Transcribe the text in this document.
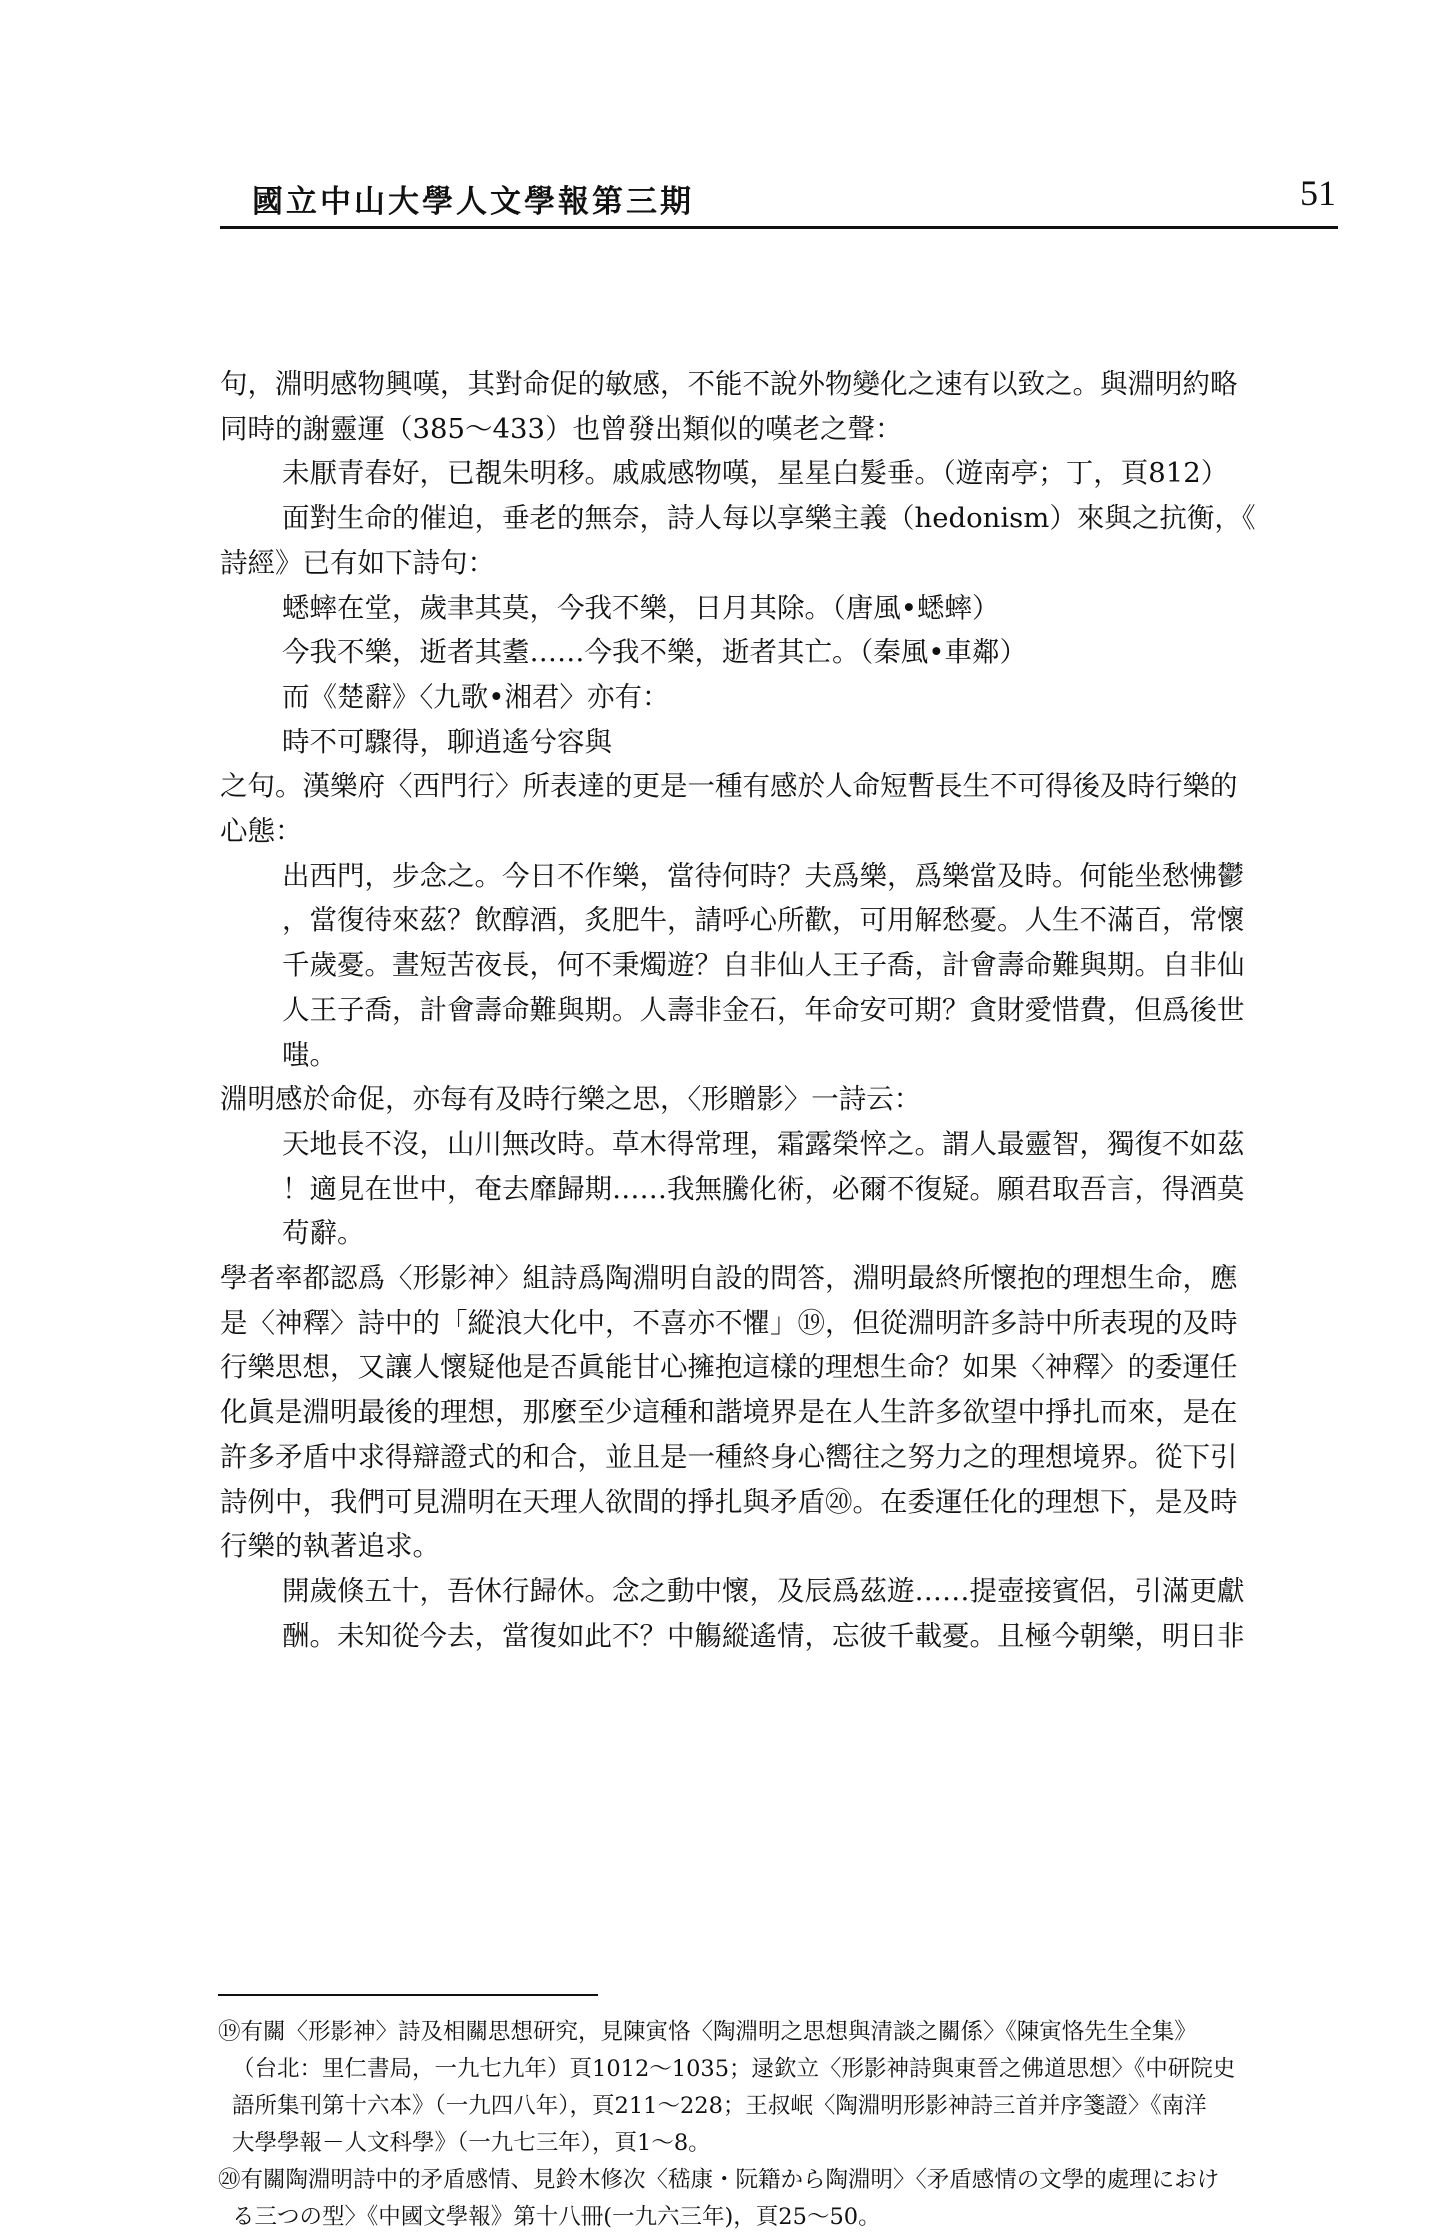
國立中山大學人文學報第三期	51

句，淵明感物興嘆，其對命促的敏感，不能不說外物變化之速有以致之。與淵明約略

同時的謝靈運（385～433）也曾發出類似的嘆老之聲：

未厭青春好，已覩朱明移。戚戚感物嘆，星星白髮垂。（遊南亭；丁，頁812）

面對生命的催迫，垂老的無奈，詩人每以享樂主義（hedonism）來與之抗衡，《

詩經》已有如下詩句：

蟋蟀在堂，歲聿其莫，今我不樂，日月其除。（唐風•蟋蟀）

今我不樂，逝者其耋……今我不樂，逝者其亡。（秦風•車鄰）

而《楚辭》〈九歌•湘君〉亦有：

時不可驟得，聊逍遙兮容與

之句。漢樂府〈西門行〉所表達的更是一種有感於人命短暫長生不可得後及時行樂的

心態：

出西門，步念之。今日不作樂，當待何時？夫爲樂，爲樂當及時。何能坐愁怫鬱

，當復待來茲？飲醇酒，炙肥牛，請呼心所歡，可用解愁憂。人生不滿百，常懷

千歲憂。晝短苦夜長，何不秉燭遊？自非仙人王子喬，計會壽命難與期。自非仙

人王子喬，計會壽命難與期。人壽非金石，年命安可期？貪財愛惜費，但爲後世

嗤。

淵明感於命促，亦每有及時行樂之思，〈形贈影〉一詩云：

天地長不沒，山川無改時。草木得常理，霜露榮悴之。謂人最靈智，獨復不如茲

！適見在世中，奄去靡歸期……我無騰化術，必爾不復疑。願君取吾言，得酒莫

苟辭。

學者率都認爲〈形影神〉組詩爲陶淵明自設的問答，淵明最終所懷抱的理想生命，應

是〈神釋〉詩中的「縱浪大化中，不喜亦不懼」⑲，但從淵明許多詩中所表現的及時

行樂思想，又讓人懷疑他是否眞能甘心擁抱這樣的理想生命？如果〈神釋〉的委運任

化眞是淵明最後的理想，那麼至少這種和諧境界是在人生許多欲望中掙扎而來，是在

許多矛盾中求得辯證式的和合，並且是一種終身心嚮往之努力之的理想境界。從下引

詩例中，我們可見淵明在天理人欲間的掙扎與矛盾⑳。在委運任化的理想下，是及時

行樂的執著追求。

開歲倏五十，吾休行歸休。念之動中懷，及辰爲茲遊……提壺接賓侶，引滿更獻

酬。未知從今去，當復如此不？中觴縱遙情，忘彼千載憂。且極今朝樂，明日非

⑲有關〈形影神〉詩及相關思想研究，見陳寅恪〈陶淵明之思想與清談之關係〉《陳寅恪先生全集》

（台北：里仁書局，一九七九年）頁1012～1035；逯欽立〈形影神詩與東晉之佛道思想〉《中研院史

語所集刊第十六本》（一九四八年），頁211～228；王叔岷〈陶淵明形影神詩三首并序箋證〉《南洋

大學學報－人文科學》（一九七三年），頁1～8。

⑳有關陶淵明詩中的矛盾感情、見鈴木修次〈嵇康・阮籍から陶淵明〉〈矛盾感情の文學的處理におけ

る三つの型〉《中國文學報》第十八冊(一九六三年)，頁25～50。
